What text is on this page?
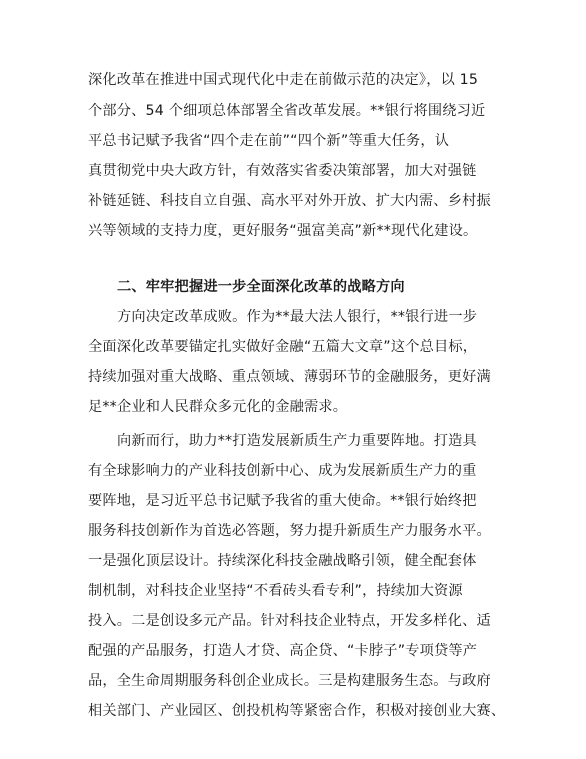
深化改革在推进中国式现代化中走在前做示范的决定》，以 15
个部分、54 个细项总体部署全省改革发展。**银行将围绕习近
平总书记赋予我省“四个走在前”“四个新”等重大任务，认
真贯彻党中央大政方针，有效落实省委决策部署，加大对强链
补链延链、科技自立自强、高水平对外开放、扩大内需、乡村振
兴等领域的支持力度，更好服务“强富美高”新**现代化建设。
二、牢牢把握进一步全面深化改革的战略方向
方向决定改革成败。作为**最大法人银行，**银行进一步
全面深化改革要锚定扎实做好金融“五篇大文章”这个总目标，
持续加强对重大战略、重点领域、薄弱环节的金融服务，更好满
足**企业和人民群众多元化的金融需求。
向新而行，助力**打造发展新质生产力重要阵地。打造具
有全球影响力的产业科技创新中心、成为发展新质生产力的重
要阵地，是习近平总书记赋予我省的重大使命。**银行始终把
服务科技创新作为首选必答题，努力提升新质生产力服务水平。
一是强化顶层设计。持续深化科技金融战略引领，健全配套体
制机制，对科技企业坚持“不看砖头看专利”，持续加大资源
投入。二是创设多元产品。针对科技企业特点，开发多样化、适
配强的产品服务，打造人才贷、高企贷、“卡脖子”专项贷等产
品，全生命周期服务科创企业成长。三是构建服务生态。与政府
相关部门、产业园区、创投机构等紧密合作，积极对接创业大赛、
